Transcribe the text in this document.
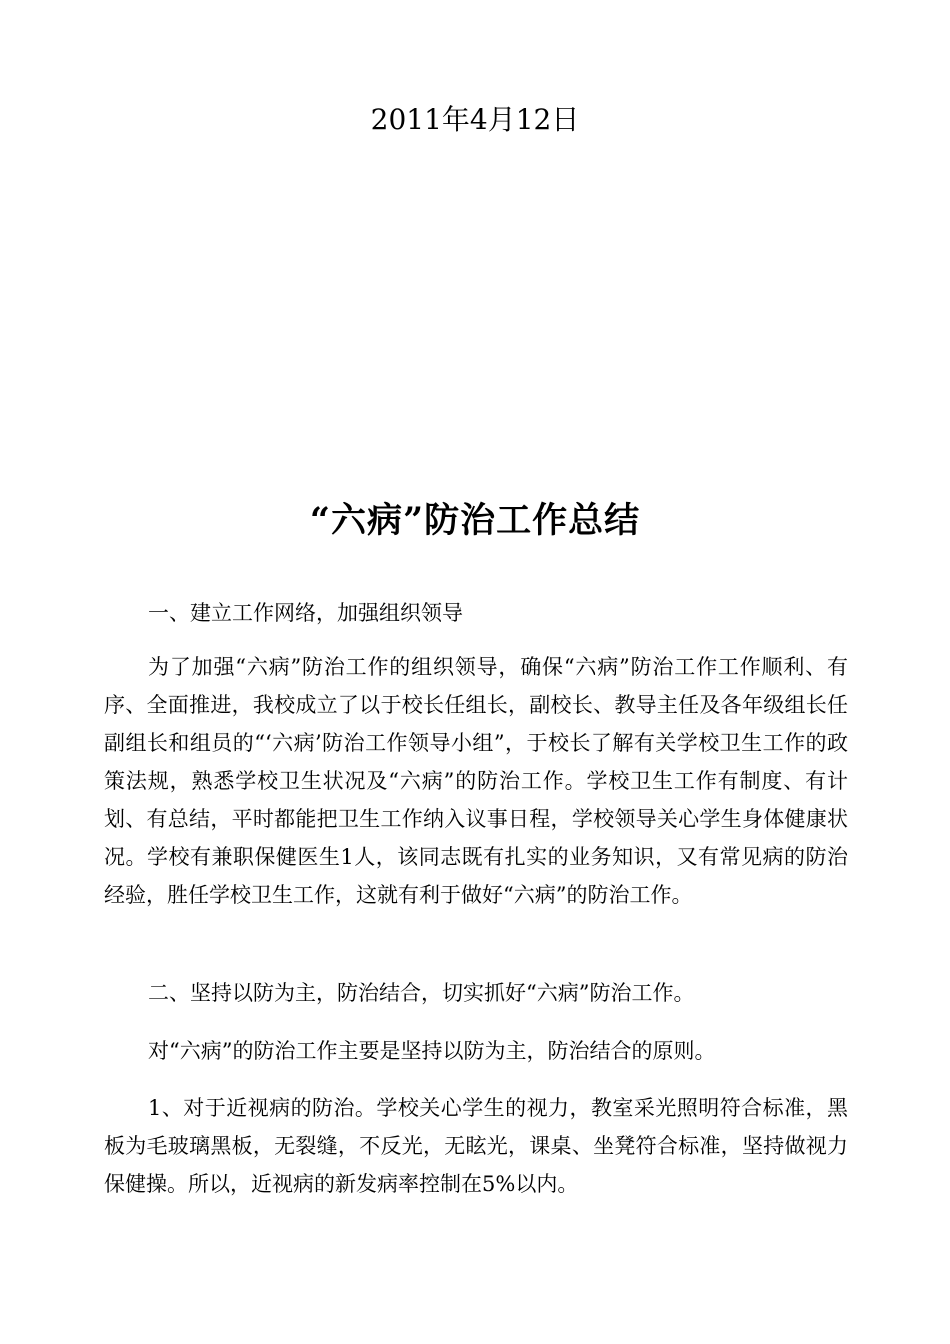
2011年4月12日
“六病”防治工作总结

一、建立工作网络，加强组织领导

为了加强“六病”防治工作的组织领导，确保“六病”防治工作工作顺利、有序、全面推进，我校成立了以于校长任组长，副校长、教导主任及各年级组长任副组长和组员的“‘六病’防治工作领导小组”，于校长了解有关学校卫生工作的政策法规，熟悉学校卫生状况及“六病”的防治工作。学校卫生工作有制度、有计划、有总结，平时都能把卫生工作纳入议事日程，学校领导关心学生身体健康状况。学校有兼职保健医生1人，该同志既有扎实的业务知识，又有常见病的防治经验，胜任学校卫生工作，这就有利于做好“六病”的防治工作。

二、坚持以防为主，防治结合，切实抓好“六病”防治工作。

对“六病”的防治工作主要是坚持以防为主，防治结合的原则。

1、对于近视病的防治。学校关心学生的视力，教室采光照明符合标准，黑板为毛玻璃黑板，无裂缝，不反光，无眩光，课桌、坐凳符合标准，坚持做视力保健操。所以，近视病的新发病率控制在5%以内。
